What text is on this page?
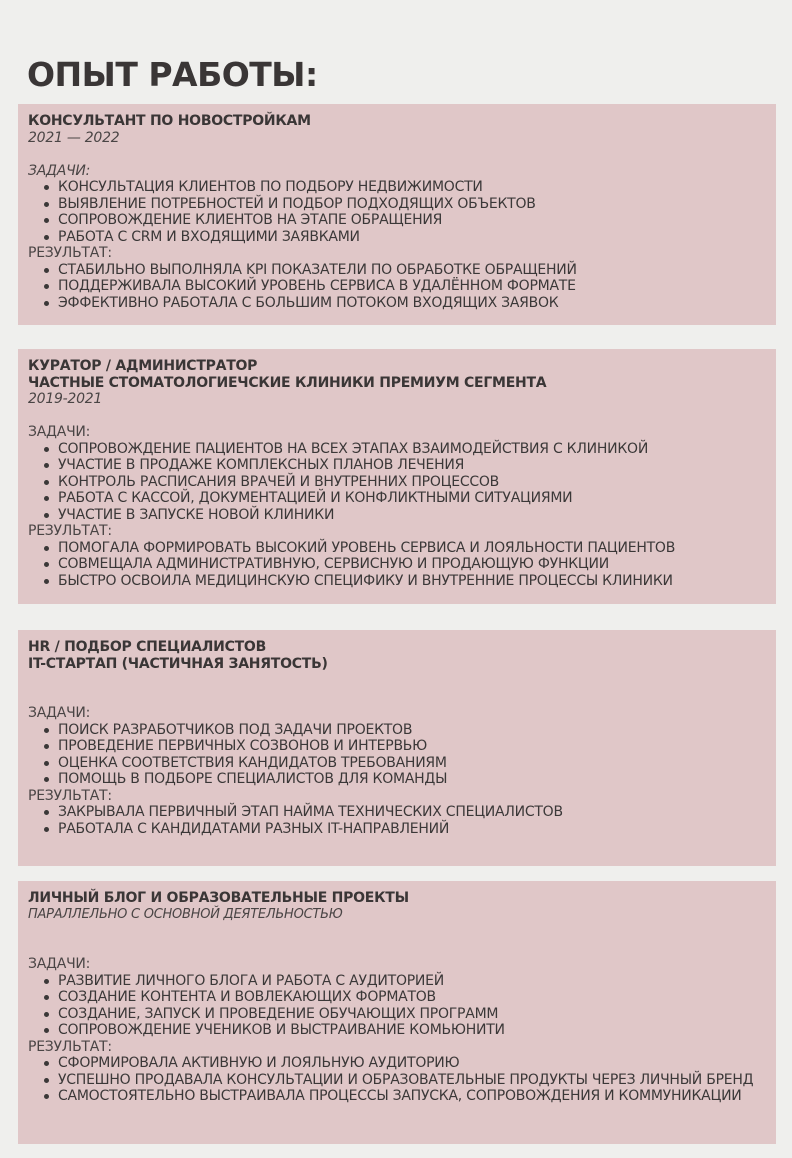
ОПЫТ РАБОТЫ:
КОНСУЛЬТАНТ ПО НОВОСТРОЙКАМ
2021 — 2022
ЗАДАЧИ:
КОНСУЛЬТАЦИЯ КЛИЕНТОВ ПО ПОДБОРУ НЕДВИЖИМОСТИ
ВЫЯВЛЕНИЕ ПОТРЕБНОСТЕЙ И ПОДБОР ПОДХОДЯЩИХ ОБЪЕКТОВ
СОПРОВОЖДЕНИЕ КЛИЕНТОВ НА ЭТАПЕ ОБРАЩЕНИЯ
РАБОТА С CRM И ВХОДЯЩИМИ ЗАЯВКАМИ
РЕЗУЛЬТАТ:
СТАБИЛЬНО ВЫПОЛНЯЛА KPI ПОКАЗАТЕЛИ ПО ОБРАБОТКЕ ОБРАЩЕНИЙ
ПОДДЕРЖИВАЛА ВЫСОКИЙ УРОВЕНЬ СЕРВИСА В УДАЛЁННОМ ФОРМАТЕ
ЭФФЕКТИВНО РАБОТАЛА С БОЛЬШИМ ПОТОКОМ ВХОДЯЩИХ ЗАЯВОК
КУРАТОР / АДМИНИСТРАТОР
ЧАСТНЫЕ СТОМАТОЛОГИЕЧСКИЕ КЛИНИКИ ПРЕМИУМ СЕГМЕНТА
2019-2021
ЗАДАЧИ:
СОПРОВОЖДЕНИЕ ПАЦИЕНТОВ НА ВСЕХ ЭТАПАХ ВЗАИМОДЕЙСТВИЯ С КЛИНИКОЙ
УЧАСТИЕ В ПРОДАЖЕ КОМПЛЕКСНЫХ ПЛАНОВ ЛЕЧЕНИЯ
КОНТРОЛЬ РАСПИСАНИЯ ВРАЧЕЙ И ВНУТРЕННИХ ПРОЦЕССОВ
РАБОТА С КАССОЙ, ДОКУМЕНТАЦИЕЙ И КОНФЛИКТНЫМИ СИТУАЦИЯМИ
УЧАСТИЕ В ЗАПУСКЕ НОВОЙ КЛИНИКИ
РЕЗУЛЬТАТ:
ПОМОГАЛА ФОРМИРОВАТЬ ВЫСОКИЙ УРОВЕНЬ СЕРВИСА И ЛОЯЛЬНОСТИ ПАЦИЕНТОВ
СОВМЕЩАЛА АДМИНИСТРАТИВНУЮ, СЕРВИСНУЮ И ПРОДАЮЩУЮ ФУНКЦИИ
БЫСТРО ОСВОИЛА МЕДИЦИНСКУЮ СПЕЦИФИКУ И ВНУТРЕННИЕ ПРОЦЕССЫ КЛИНИКИ
HR / ПОДБОР СПЕЦИАЛИСТОВ
IT-СТАРТАП (ЧАСТИЧНАЯ ЗАНЯТОСТЬ)
ЗАДАЧИ:
ПОИСК РАЗРАБОТЧИКОВ ПОД ЗАДАЧИ ПРОЕКТОВ
ПРОВЕДЕНИЕ ПЕРВИЧНЫХ СОЗВОНОВ И ИНТЕРВЬЮ
ОЦЕНКА СООТВЕТСТВИЯ КАНДИДАТОВ ТРЕБОВАНИЯМ
ПОМОЩЬ В ПОДБОРЕ СПЕЦИАЛИСТОВ ДЛЯ КОМАНДЫ
РЕЗУЛЬТАТ:
ЗАКРЫВАЛА ПЕРВИЧНЫЙ ЭТАП НАЙМА ТЕХНИЧЕСКИХ СПЕЦИАЛИСТОВ
РАБОТАЛА С КАНДИДАТАМИ РАЗНЫХ IT-НАПРАВЛЕНИЙ
ЛИЧНЫЙ БЛОГ И ОБРАЗОВАТЕЛЬНЫЕ ПРОЕКТЫ
ПАРАЛЛЕЛЬНО С ОСНОВНОЙ ДЕЯТЕЛЬНОСТЬЮ
ЗАДАЧИ:
РАЗВИТИЕ ЛИЧНОГО БЛОГА И РАБОТА С АУДИТОРИЕЙ
СОЗДАНИЕ КОНТЕНТА И ВОВЛЕКАЮЩИХ ФОРМАТОВ
СОЗДАНИЕ, ЗАПУСК И ПРОВЕДЕНИЕ ОБУЧАЮЩИХ ПРОГРАММ
СОПРОВОЖДЕНИЕ УЧЕНИКОВ И ВЫСТРАИВАНИЕ КОМЬЮНИТИ
РЕЗУЛЬТАТ:
СФОРМИРОВАЛА АКТИВНУЮ И ЛОЯЛЬНУЮ АУДИТОРИЮ
УСПЕШНО ПРОДАВАЛА КОНСУЛЬТАЦИИ И ОБРАЗОВАТЕЛЬНЫЕ ПРОДУКТЫ ЧЕРЕЗ ЛИЧНЫЙ БРЕНД
САМОСТОЯТЕЛЬНО ВЫСТРАИВАЛА ПРОЦЕССЫ ЗАПУСКА, СОПРОВОЖДЕНИЯ И КОММУНИКАЦИИ
